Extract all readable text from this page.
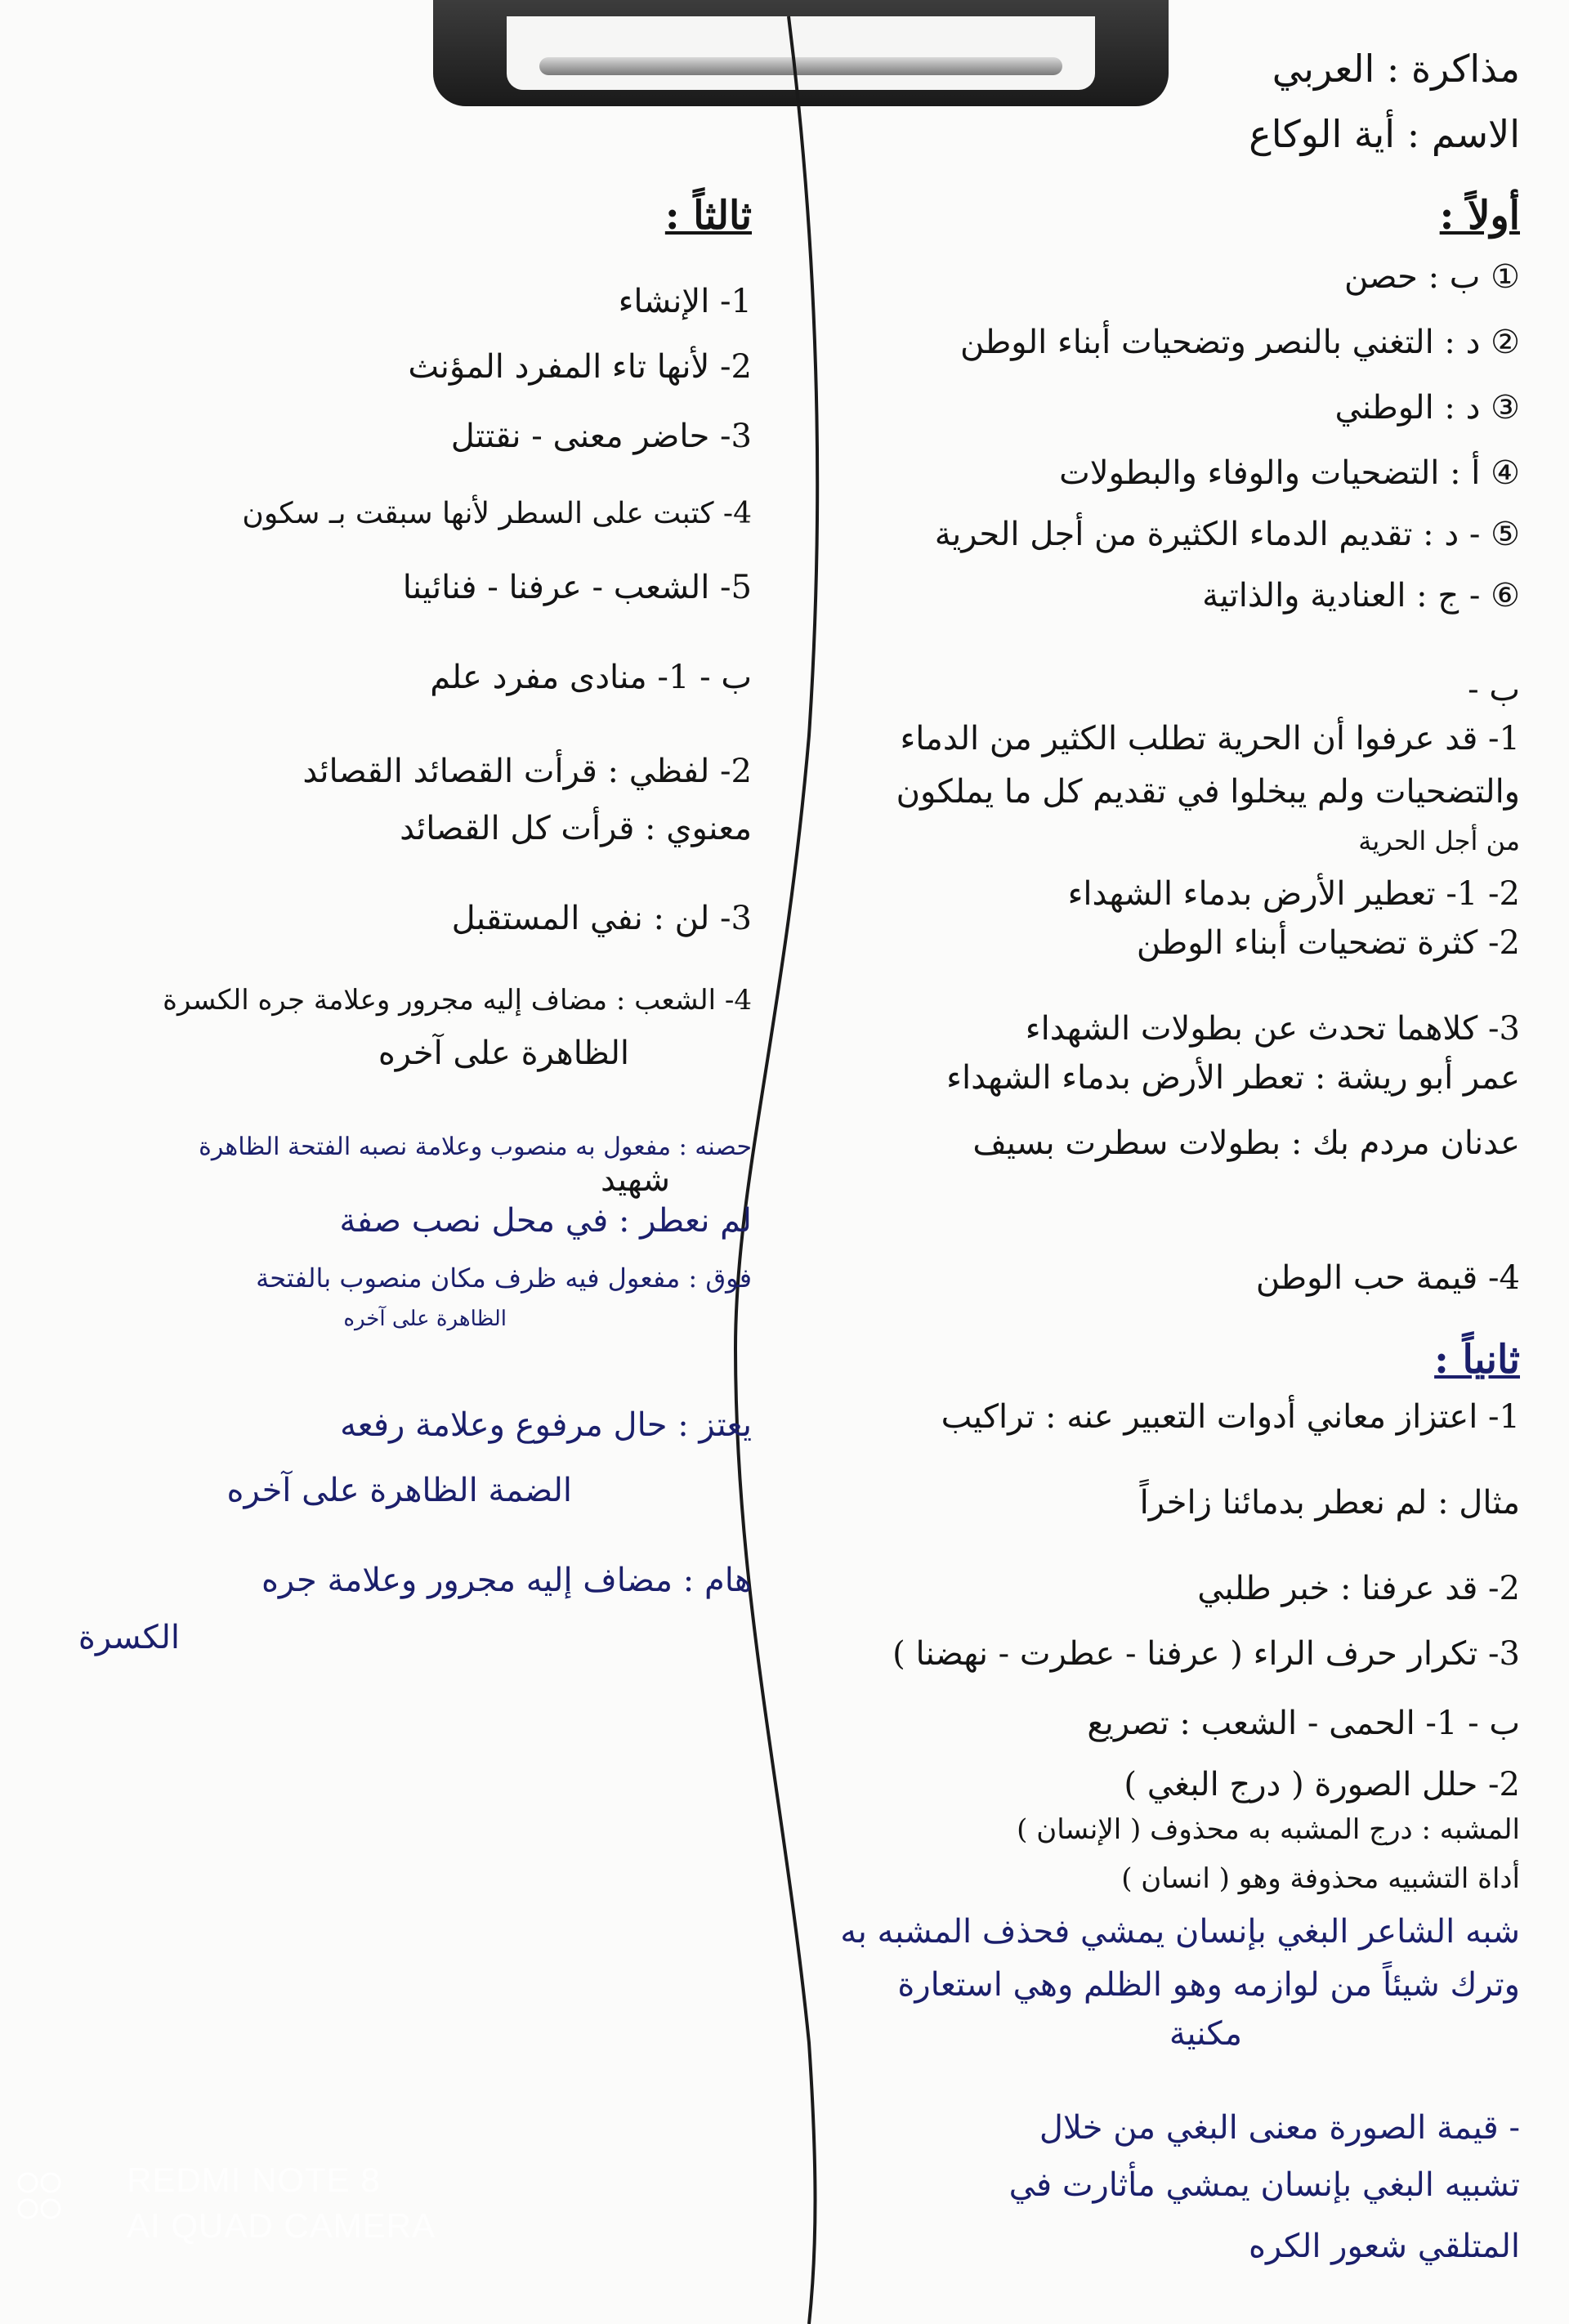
مذاكرة : العربي
الاسم : أية الوكاع
أولاً :
① ب : حصن
② د : التغني بالنصر وتضحيات أبناء الوطن
③ د : الوطني
④ أ : التضحيات والوفاء والبطولات
⑤ - د : تقديم الدماء الكثيرة من أجل الحرية
⑥ - ج : العنادية والذاتية
ب -
1- قد عرفوا أن الحرية تطلب الكثير من الدماء
والتضحيات ولم يبخلوا في تقديم كل ما يملكون
من أجل الحرية
2- 1- تعطير الأرض بدماء الشهداء
2- كثرة تضحيات أبناء الوطن
3- كلاهما تحدث عن بطولات الشهداء
عمر أبو ريشة : تعطر الأرض بدماء الشهداء
عدنان مردم بك : بطولات سطرت بسيف
شهيد
4- قيمة حب الوطن
ثانياً :
1- اعتزاز معاني أدوات التعبير عنه : تراكيب
مثال : لم نعطر بدمائنا زاخراً
2- قد عرفنا : خبر طلبي
3- تكرار حرف الراء ( عرفنا - عطرت - نهضنا )
ب - 1- الحمى - الشعب : تصريع
2- حلل الصورة ( درج البغي )
المشبه : درج المشبه به محذوف ( الإنسان )
أداة التشبيه محذوفة وهو ( انسان )
شبه الشاعر البغي بإنسان يمشي فحذف المشبه به
وترك شيئاً من لوازمه وهو الظلم وهي استعارة
مكنية
- قيمة الصورة معنى البغي من خلال
تشبيه البغي بإنسان يمشي مأثارت في
المتلقي شعور الكره
ثالثاً :
1- الإنشاء
2- لأنها تاء المفرد المؤنث
3- حاضر معنى - نقتتل
4- كتبت على السطر لأنها سبقت بـ سكون
5- الشعب - عرفنا - فنائينا
ب - 1- منادى مفرد علم
2- لفظي : قرأت القصائد القصائد
معنوي : قرأت كل القصائد
3- لن : نفي المستقبل
4- الشعب : مضاف إليه مجرور وعلامة جره الكسرة
الظاهرة على آخره
حصنه : مفعول به منصوب وعلامة نصبه الفتحة الظاهرة
لم نعطر : في محل نصب صفة
فوق : مفعول فيه ظرف مكان منصوب بالفتحة
الظاهرة على آخره
يعتز : حال مرفوع وعلامة رفعه
الضمة الظاهرة على آخره
هام : مضاف إليه مجرور وعلامة جره
الكسرة
REDMI NOTE 8
AI QUAD CAMERA
